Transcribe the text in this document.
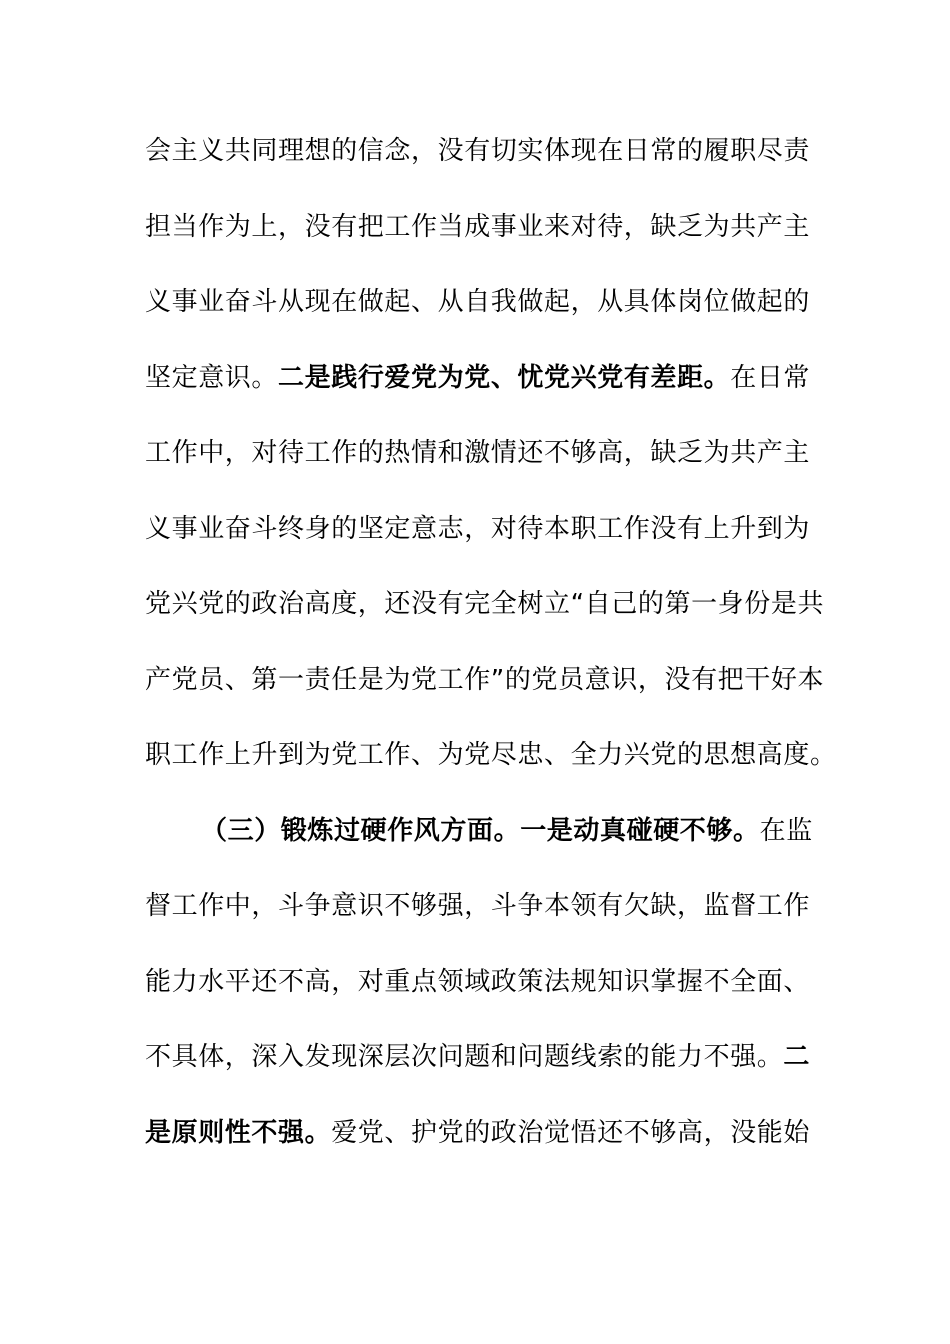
会主义共同理想的信念，没有切实体现在日常的履职尽责
担当作为上，没有把工作当成事业来对待，缺乏为共产主
义事业奋斗从现在做起、从自我做起，从具体岗位做起的
坚定意识。二是践行爱党为党、忧党兴党有差距。在日常
工作中，对待工作的热情和激情还不够高，缺乏为共产主
义事业奋斗终身的坚定意志，对待本职工作没有上升到为
党兴党的政治高度，还没有完全树立“自己的第一身份是共
产党员、第一责任是为党工作”的党员意识，没有把干好本
职工作上升到为党工作、为党尽忠、全力兴党的思想高度。
（三）锻炼过硬作风方面。一是动真碰硬不够。在监
督工作中，斗争意识不够强，斗争本领有欠缺，监督工作
能力水平还不高，对重点领域政策法规知识掌握不全面、
不具体，深入发现深层次问题和问题线索的能力不强。二
是原则性不强。爱党、护党的政治觉悟还不够高，没能始
